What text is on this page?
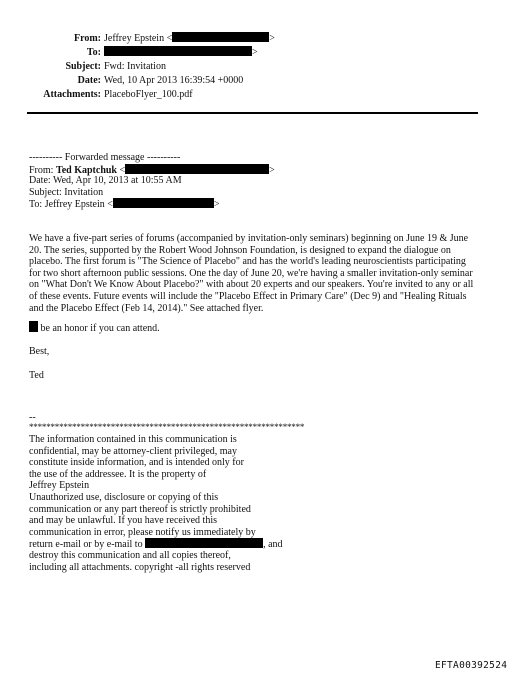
From: Jeffrey Epstein <	>
To:	>
Subject: Fwd: Invitation
Date: Wed, 10 Apr 2013 16:39:54 +0000
Attachments: PlaceboFlyer_100.pdf
---------- Forwarded message ----------
From: Ted Kaptchuk <	>
Date: Wed, Apr 10, 2013 at 10:55 AM
Subject: Invitation
To: Jeffrey Epstein <	>
We have a five-part series of forums (accompanied by invitation-only seminars) beginning on June 19 & June
20. The series, supported by the Robert Wood Johnson Foundation, is designed to expand the dialogue on
placebo. The first forum is "The Science of Placebo" and has the world's leading neuroscientists participating
for two short afternoon public sessions. One the day of June 20, we're having a smaller invitation-only seminar
on "What Don't We Know About Placebo?" with about 20 experts and our speakers. You're invited to any or all
of these events. Future events will include the "Placebo Effect in Primary Care" (Dec 9) and "Healing Rituals
and the Placebo Effect (Feb 14, 2014)." See attached flyer.
be an honor if you can attend.
Best,
Ted
--
****************************************************************
The information contained in this communication is
confidential, may be attorney-client privileged, may
constitute inside information, and is intended only for
the use of the addressee. It is the property of
Jeffrey Epstein
Unauthorized use, disclosure or copying of this
communication or any part thereof is strictly prohibited
and may be unlawful. If you have received this
communication in error, please notify us immediately by
return e-mail or by e-mail to	, and
destroy this communication and all copies thereof,
including all attachments. copyright -all rights reserved
EFTA00392524
